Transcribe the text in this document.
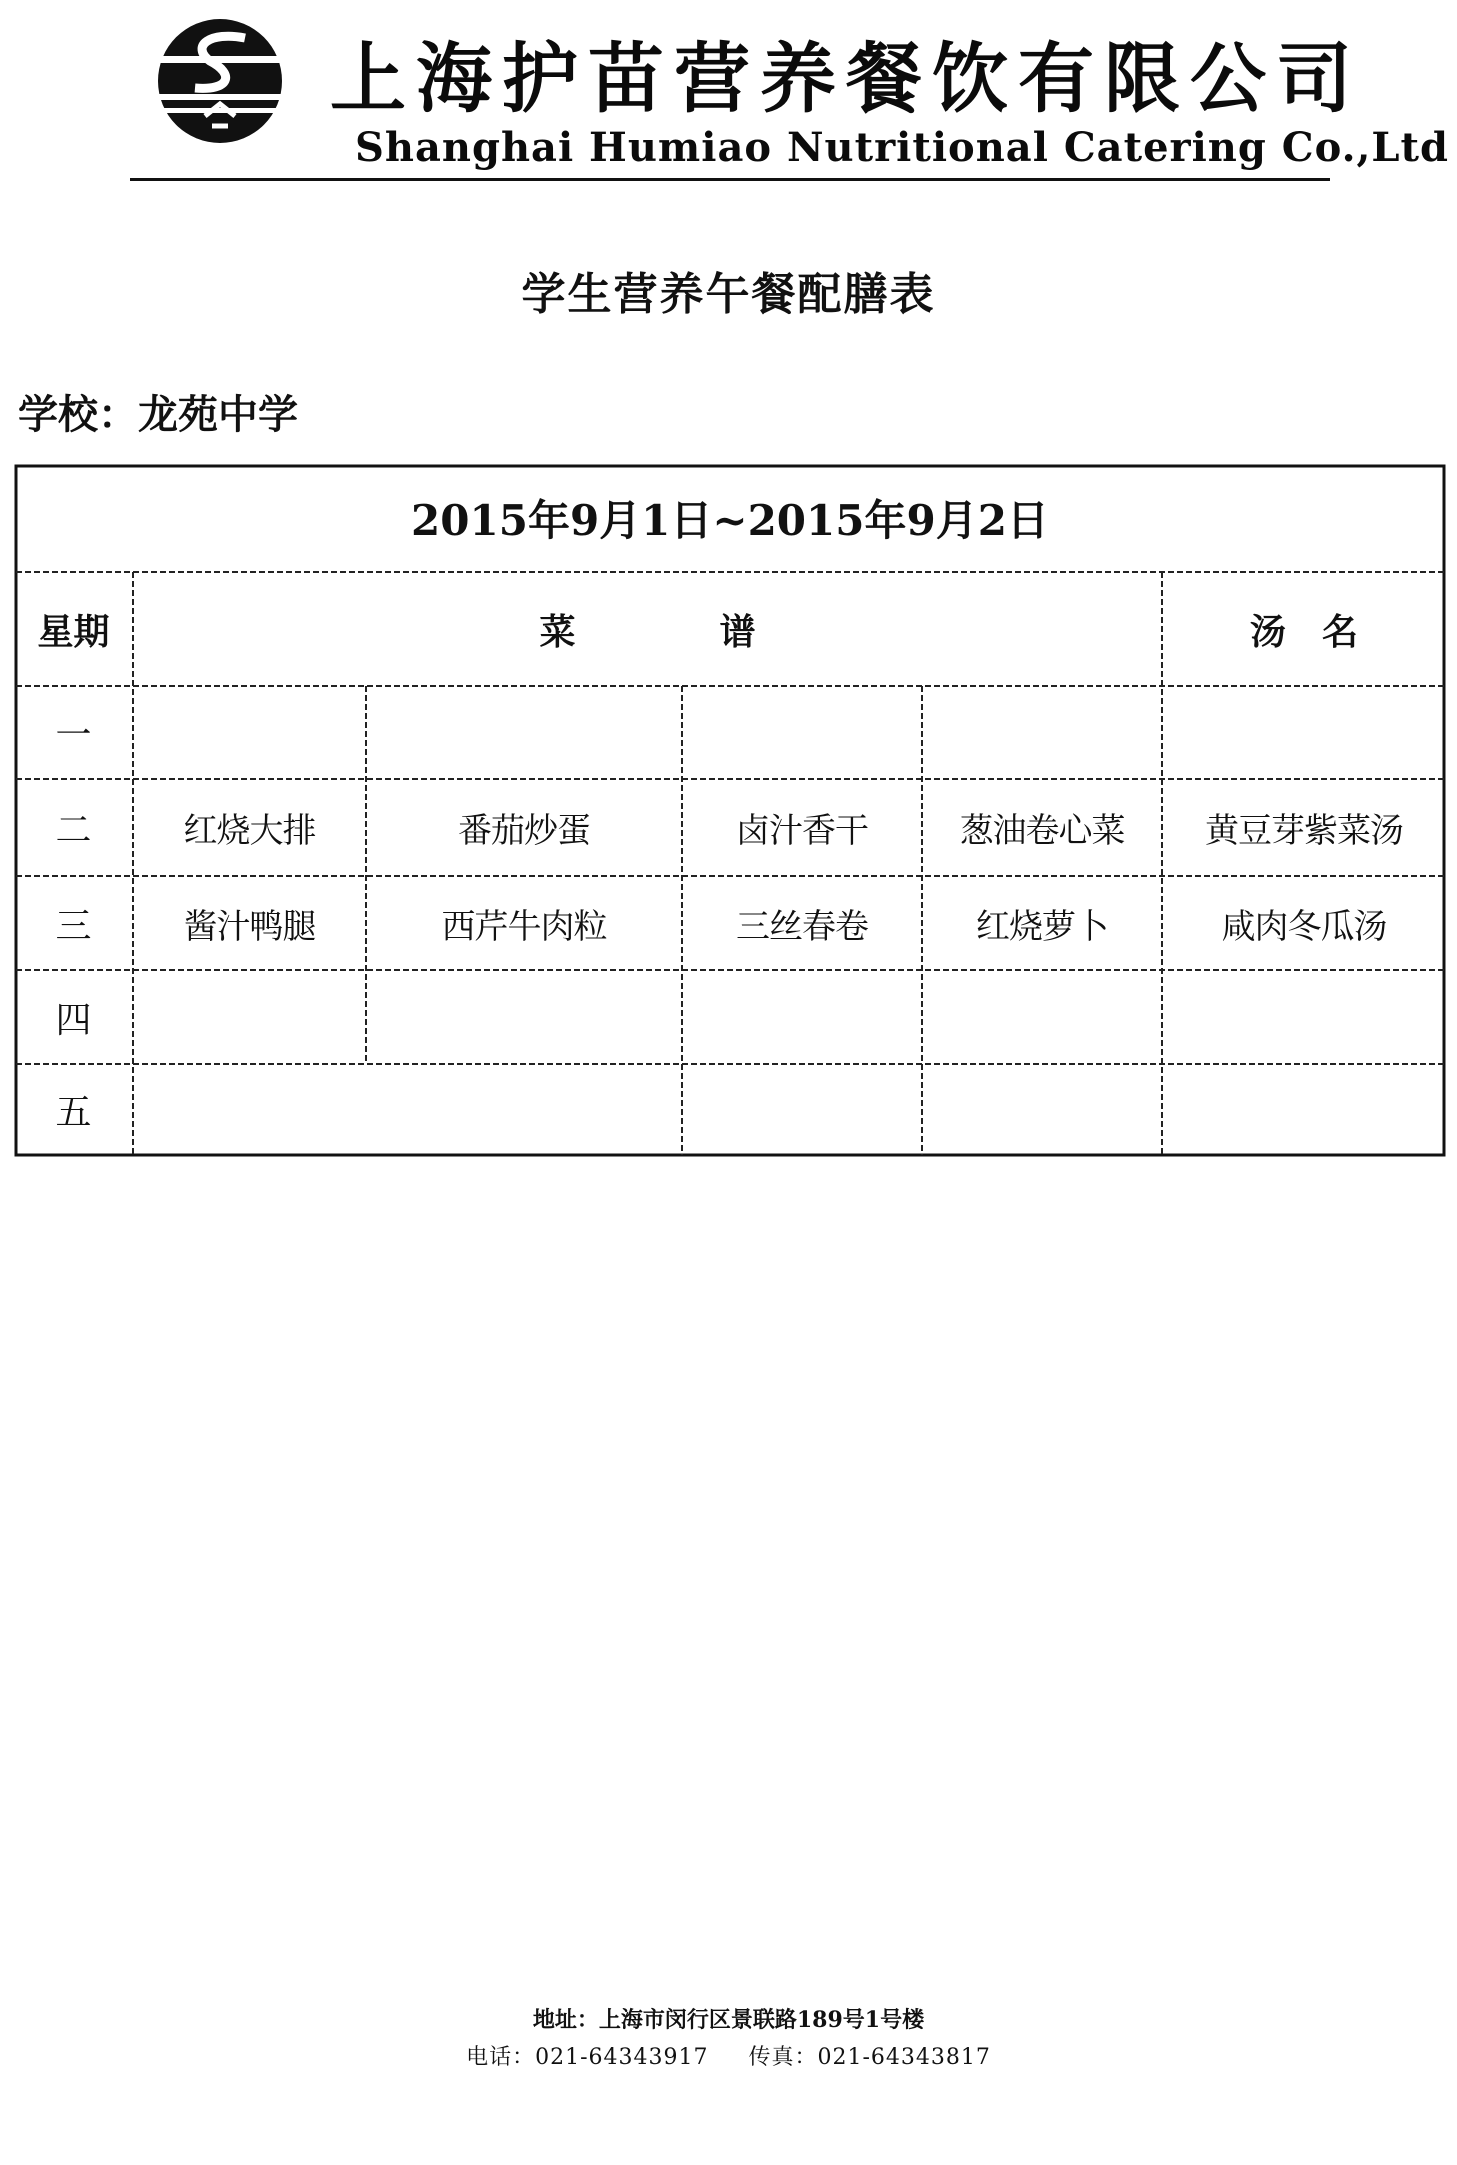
上海护苗营养餐饮有限公司
Shanghai Humiao Nutritional Catering Co.,Ltd
学生营养午餐配膳表
学校：龙苑中学
2015年9月1日~2015年9月2日
星期	菜　　　　谱	汤　名
一
二	红烧大排	番茄炒蛋	卤汁香干	葱油卷心菜	黄豆芽紫菜汤
三	酱汁鸭腿	西芹牛肉粒	三丝春卷	红烧萝卜	咸肉冬瓜汤
四
五
地址：上海市闵行区景联路189号1号楼
电话：021-64343917 传真：021-64343817
